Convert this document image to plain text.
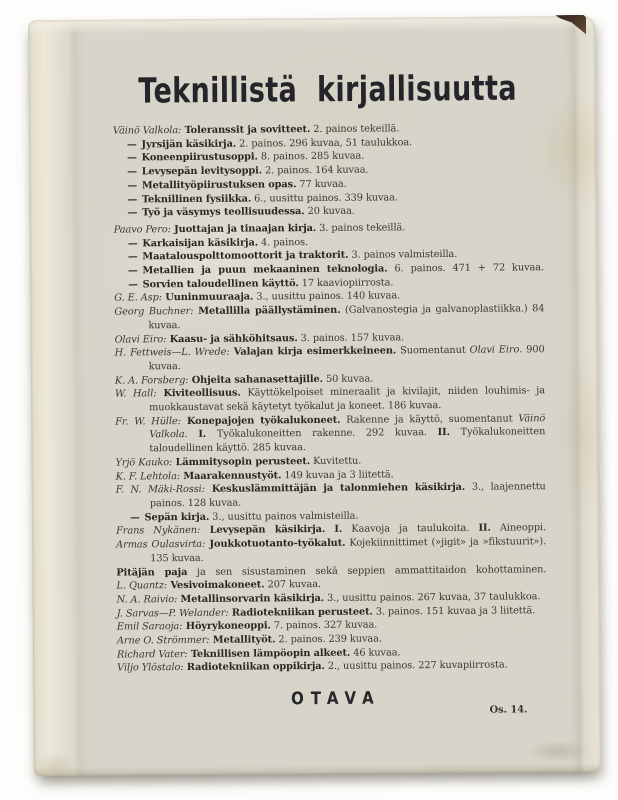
Teknillistä kirjallisuutta

Väinö Valkola: Toleranssit ja sovitteet. 2. painos tekeillä.

— Jyrsijän käsikirja. 2. painos. 296 kuvaa, 51 taulukkoa.

— Koneenpiirustusoppi. 8. painos. 285 kuvaa.

— Levysepän levitysoppi. 2. painos. 164 kuvaa.

— Metallityöpiirustuksen opas. 77 kuvaa.

— Teknillinen fysiikka. 6., uusittu painos. 339 kuvaa.

— Työ ja väsymys teollisuudessa. 20 kuvaa.

Paavo Pero: Juottajan ja tinaajan kirja. 3. painos tekeillä.

— Karkaisijan käsikirja. 4. painos.

— Maatalouspolttomoottorit ja traktorit. 3. painos valmisteilla.

— Metallien ja puun mekaaninen teknologia. 6. painos. 471 + 72 kuvaa.

— Sorvien taloudellinen käyttö. 17 kaaviopiirrosta.

G. E. Asp: Uuninmuuraaja. 3., uusittu painos. 140 kuvaa.

Georg Buchner: Metallilla päällystäminen. (Galvanostegia ja galvanoplastiikka.) 84 kuvaa.

Olavi Eiro: Kaasu- ja sähköhitsaus. 3. painos. 157 kuvaa.

H. Fettweis—L. Wrede: Valajan kirja esimerkkeineen. Suomentanut Olavi Eiro. 900 kuvaa.

K. A. Forsberg: Ohjeita sahanasettajille. 50 kuvaa.

W. Hall: Kiviteollisuus. Käyttökelpoiset mineraalit ja kivilajit, niiden louhimis- ja muokkaustavat sekä käytetyt työkalut ja koneet. 186 kuvaa.

Fr. W. Hülle: Konepajojen työkalukoneet. Rakenne ja käyttö, suomentanut Väinö Valkola. I. Työkalukoneitten rakenne. 292 kuvaa. II. Työkalukoneitten taloudellinen käyttö. 285 kuvaa.

Yrjö Kauko: Lämmitysopin perusteet. Kuvitettu.

K. F. Lehtola: Maarakennustyöt. 149 kuvaa ja 3 liitettä.

F. N. Mäki-Rossi: Keskuslämmittäjän ja talonmiehen käsikirja. 3., laajennettu painos. 128 kuvaa.

— Sepän kirja. 3., uusittu painos valmisteilla.

Frans Nykänen: Levysepän käsikirja. I. Kaavoja ja taulukoita. II. Aineoppi.

Armas Oulasvirta: Joukkotuotanto-työkalut. Kojekiinnittimet (»jigit» ja »fikstuurit»). 135 kuvaa.

Pitäjän paja ja sen sisustaminen sekä seppien ammattitaidon kohottaminen.

L. Quantz: Vesivoimakoneet. 207 kuvaa.

N. A. Raivio: Metallinsorvarin käsikirja. 3., uusittu painos. 267 kuvaa, 37 taulukkoa.

J. Sarvas—P. Welander: Radiotekniikan perusteet. 3. painos. 151 kuvaa ja 3 liitettä.

Emil Saraoja: Höyrykoneoppi. 7. painos. 327 kuvaa.

Arne O. Strömmer: Metallityöt. 2. painos. 239 kuvaa.

Richard Vater: Teknillisen lämpöopin alkeet. 46 kuvaa.

Viljo Ylöstalo: Radiotekniikan oppikirja. 2., uusittu painos. 227 kuvapiirrosta.

OTAVA
Os. 14.
